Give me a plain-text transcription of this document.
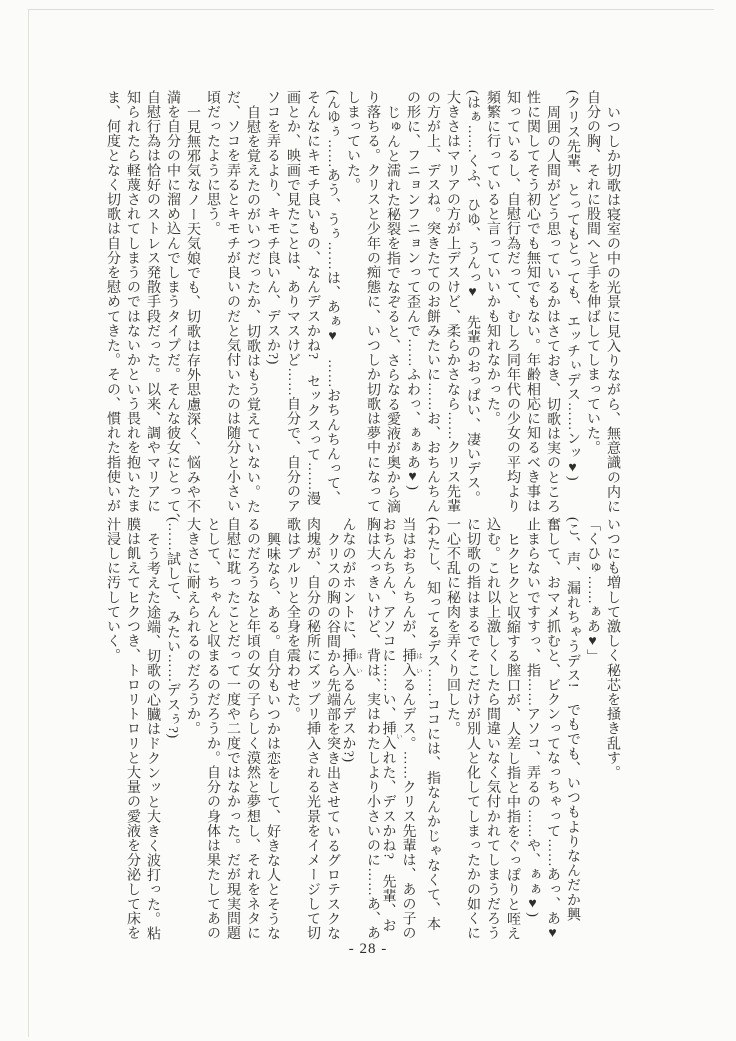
いつしか切歌は寝室の中の光景に見入りながら、無意識の内に
自分の胸、それに股間へと手を伸ばしてしまっていた。
(クリス先輩、とってもとっても、エッチぃデス……ンッ♥)
周囲の人間がどう思っているかはさておき、切歌は実のところ
性に関してそう初心でも無知でもない。年齢相応に知るべき事は
知っているし、自慰行為だって、むしろ同年代の少女の平均より
頻繁に行っていると言っていいかも知れなかった。
(はぁ……くふ、ひゆ、うんっ♥　先輩のおっぱい、凄いデス。
大きさはマリアの方が上デスけど、柔らかさなら……クリス先輩
の方が上、デスね。突きたてのお餅みたいに……お、おちんちん
の形に、フニョンフニョンって歪んで……ふわっ、ぁぁあ♥)
じゅんと濡れた秘裂を指でなぞると、さらなる愛液が奥から滴
り落ちる。クリスと少年の痴態に、いつしか切歌は夢中になって
しまっていた。
(んゆぅ……あう、うぅ……は、あぁ♥　……おちんちんって、
そんなにキモチ良いもの、なんデスかね?　セックスって……漫
画とか、映画で見たことは、ありマスけど……自分で、自分のア
ソコを弄るより、キモチ良いん、デスか?)
自慰を覚えたのがいつだったか、切歌はもう覚えていない。た
だ、ソコを弄るとキモチが良いのだと気付いたのは随分と小さい
頃だったように思う。
一見無邪気なノー天気娘でも、切歌は存外思慮深く、悩みや不
満を自分の中に溜め込んでしまうタイプだ。そんな彼女にとって、
自慰行為は恰好のストレス発散手段だった。以来、調やマリアに
知られたら軽蔑されてしまうのではないかという畏れを抱いたま
ま、何度となく切歌は自分を慰めてきた。その、慣れた指使いが
いつにも増して激しく秘芯を掻き乱す。
「くひゅ……ぁあ♥」
(こ、声、漏れちゃうデス!　でもでも、いつもよりなんだか興
奮して、おマメ抓むと、ビクンってなっちゃって……あっ、あ♥
止まらないですすっ、指……アソコ、弄るの……や、ぁぁ♥)
ヒクヒクと収縮する膣口が、人差し指と中指をぐっぽりと咥え
込む。これ以上激しくしたら間違いなく気付かれてしまうだろう
に切歌の指はまるでそこだけが別人と化してしまったかの如くに
一心不乱に秘肉を弄くり回した。
(わたし、知ってるデス……ココには、指なんかじゃなくて、本
当はおちんちんが、挿入 はいるんデス。……クリス先輩は、あの子の
おちんちん、アソコに……い、挿入 いれた、デスかね?　先輩、お
胸は大っきいけど、背は、実はわたしより小さいのに……あ、あ
んなのがホントに、挿入 はいるんデスか?)
クリスの胸の谷間から先端部を突き出させているグロテスクな
肉塊が、自分の秘所にズッブリ挿入される光景をイメージして切
歌はブルリと全身を震わせた。
興味なら、ある。自分もいつかは恋をして、好きな人とそうな
るのだろうなと年頃の女の子らしく漠然と夢想し、それをネタに
自慰に耽ったことだって一度や二度ではなかった。だが現実問題
として、ちゃんと収まるのだろうか。自分の身体は果たしてあの
大きさに耐えられるのだろうか。
(……試して、みたい……デスぅ?)
そう考えた途端、切歌の心臓はドクンッと大きく波打った。粘
膜は飢えてヒクつき、トロリトロリと大量の愛液を分泌して床を
汁浸しに汚していく。
- 28 -
